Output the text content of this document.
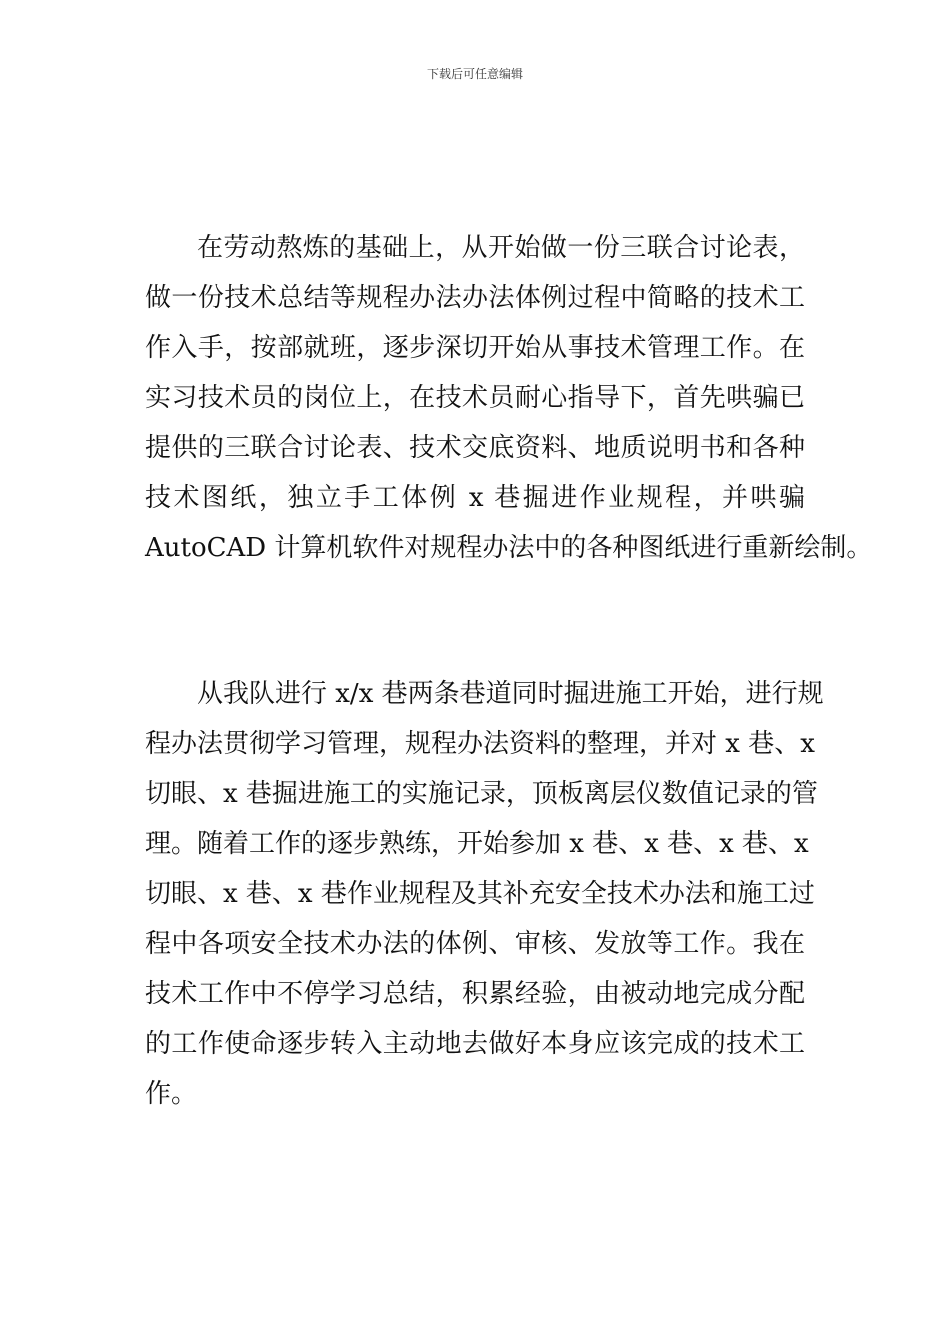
下载后可任意编辑
在劳动熬炼的基础上，从开始做一份三联合讨论表，
做一份技术总结等规程办法办法体例过程中简略的技术工
作入手，按部就班，逐步深切开始从事技术管理工作。在
实习技术员的岗位上，在技术员耐心指导下，首先哄骗已
提供的三联合讨论表、技术交底资料、地质说明书和各种
技术图纸，独立手工体例 x 巷掘进作业规程，并哄骗
AutoCAD 计算机软件对规程办法中的各种图纸进行重新绘制。
从我队进行 x/x 巷两条巷道同时掘进施工开始，进行规
程办法贯彻学习管理，规程办法资料的整理，并对 x 巷、x
切眼、x 巷掘进施工的实施记录，顶板离层仪数值记录的管
理。随着工作的逐步熟练，开始参加 x 巷、x 巷、x 巷、x
切眼、x 巷、x 巷作业规程及其补充安全技术办法和施工过
程中各项安全技术办法的体例、审核、发放等工作。我在
技术工作中不停学习总结，积累经验，由被动地完成分配
的工作使命逐步转入主动地去做好本身应该完成的技术工
作。
